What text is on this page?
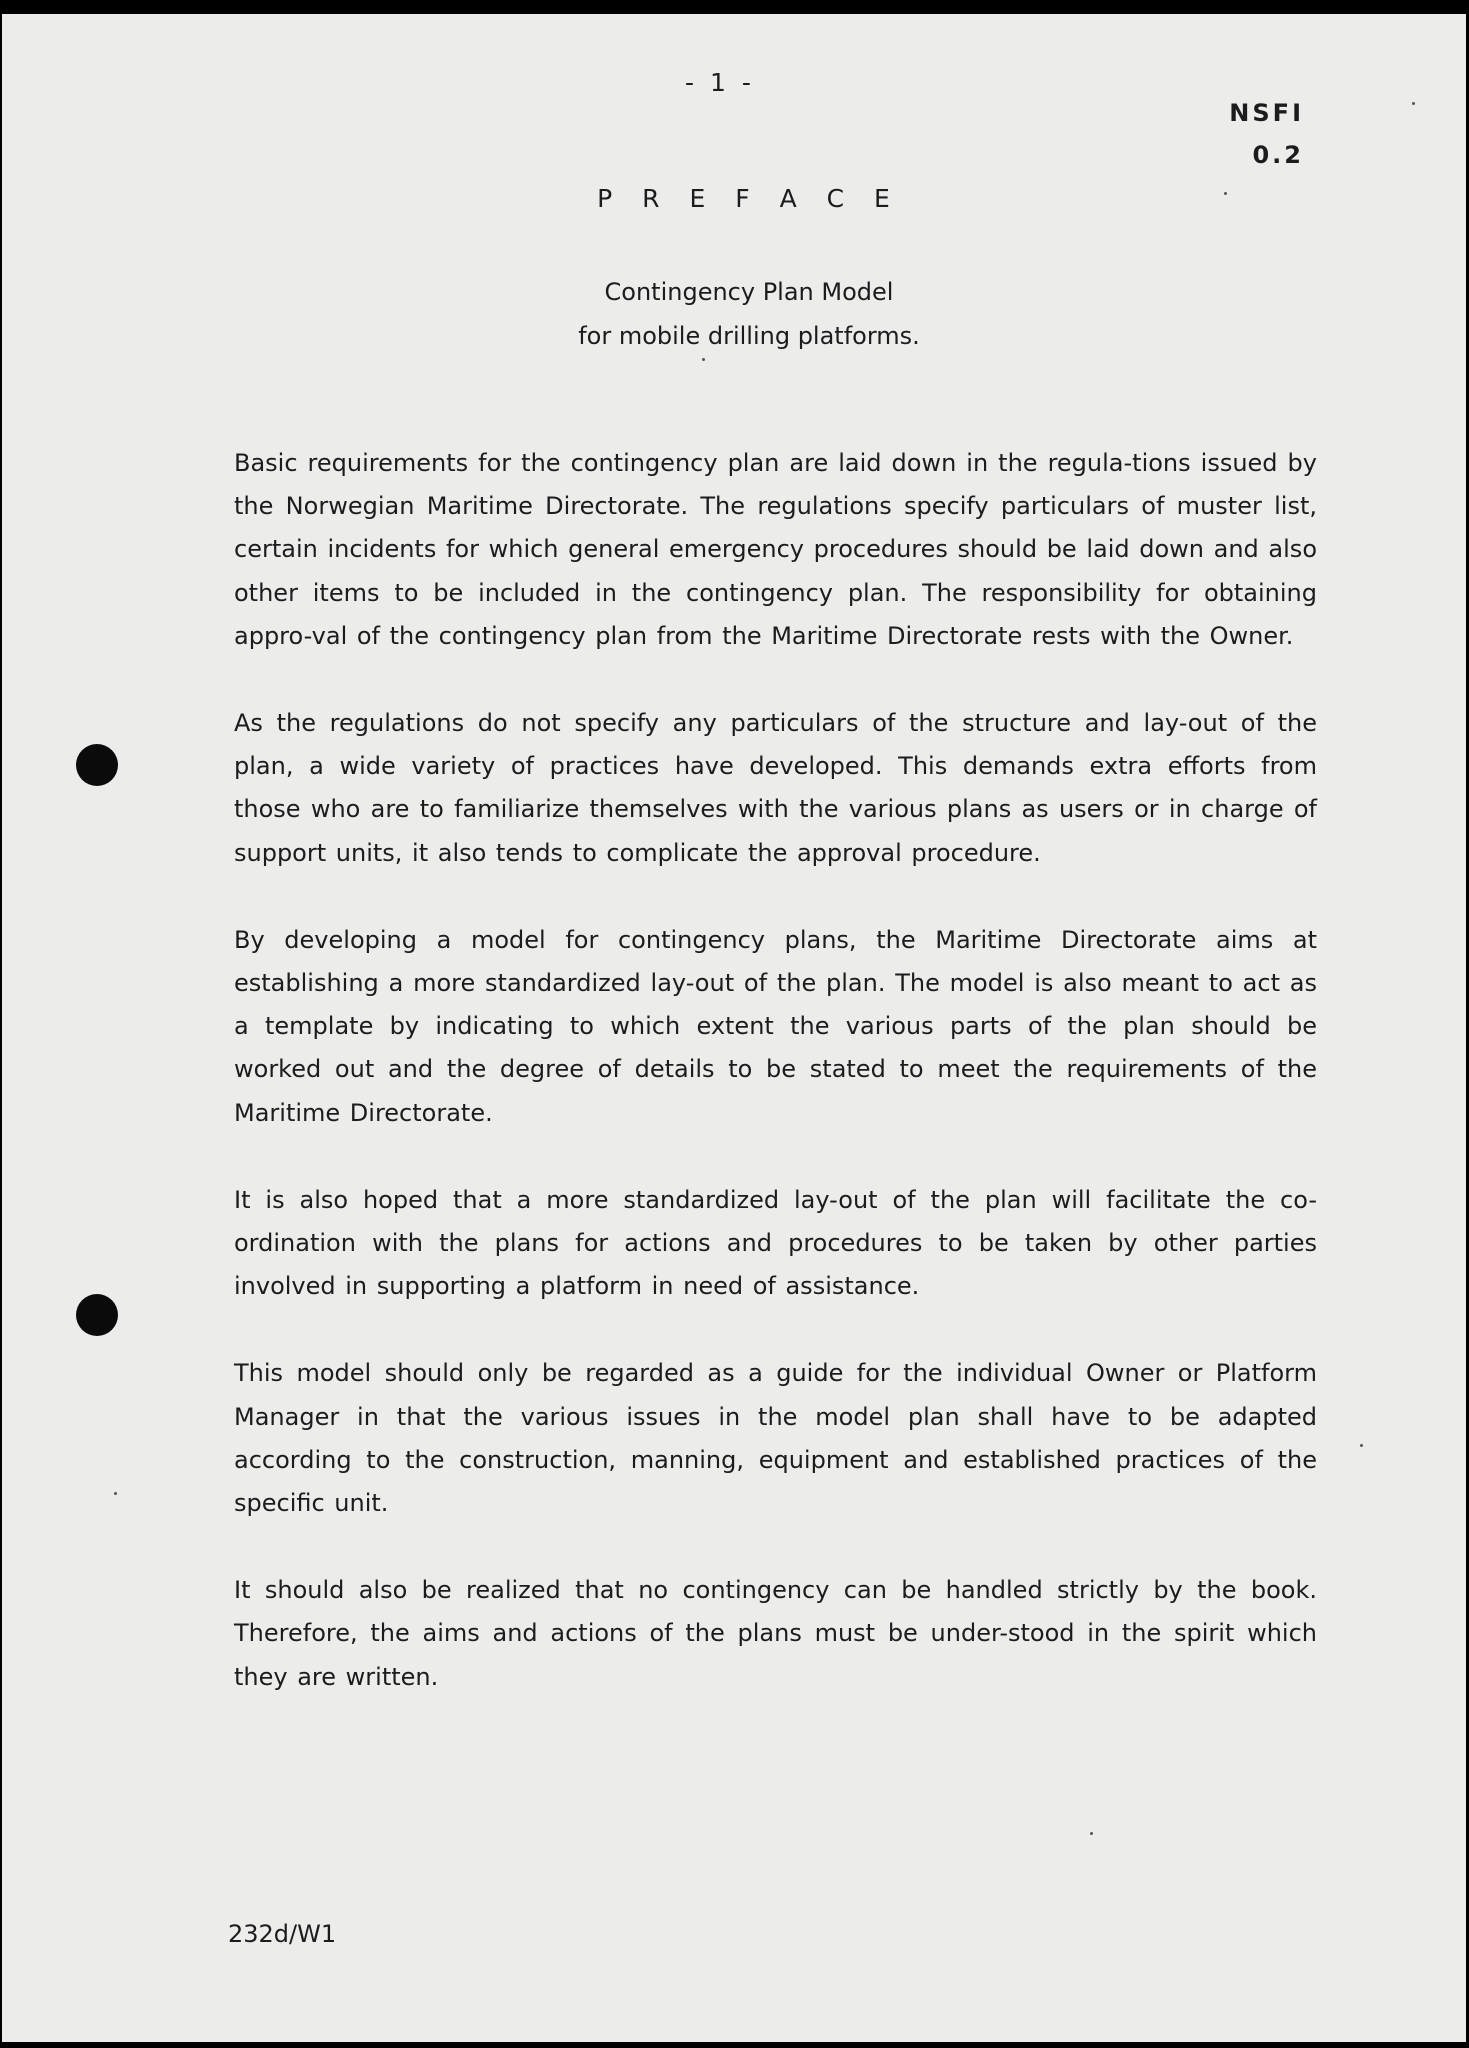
- 1 -
NSFI
0.2
P R E F A C E
Contingency Plan Model
for mobile drilling platforms.

Basic requirements for the contingency plan are laid down in the regula-tions issued by the Norwegian Maritime Directorate. The regulations specify particulars of muster list, certain incidents for which general emergency procedures should be laid down and also other items to be included in the contingency plan. The responsibility for obtaining appro-val of the contingency plan from the Maritime Directorate rests with the Owner.

As the regulations do not specify any particulars of the structure and lay-out of the plan, a wide variety of practices have developed. This demands extra efforts from those who are to familiarize themselves with the various plans as users or in charge of support units, it also tends to complicate the approval procedure.

By developing a model for contingency plans, the Maritime Directorate aims at establishing a more standardized lay-out of the plan. The model is also meant to act as a template by indicating to which extent the various parts of the plan should be worked out and the degree of details to be stated to meet the requirements of the Maritime Directorate.

It is also hoped that a more standardized lay-out of the plan will facilitate the co-ordination with the plans for actions and procedures to be taken by other parties involved in supporting a platform in need of assistance.

This model should only be regarded as a guide for the individual Owner or Platform Manager in that the various issues in the model plan shall have to be adapted according to the construction, manning, equipment and established practices of the specific unit.

It should also be realized that no contingency can be handled strictly by the book. Therefore, the aims and actions of the plans must be under-stood in the spirit which they are written.

232d/W1
